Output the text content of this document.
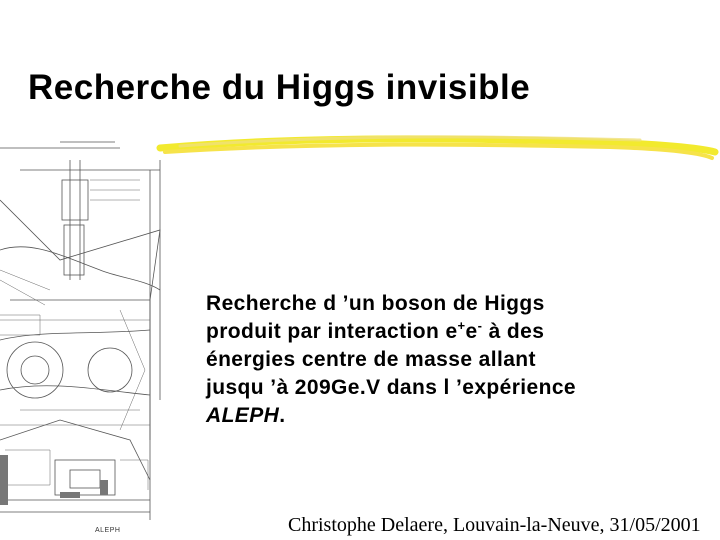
Recherche du Higgs invisible
Recherche d ’un boson de Higgs
produit par interaction e+e- à des
énergies centre de masse allant
jusqu ’à 209Ge.V dans l ’expérience
ALEPH.
ALEPH	Christophe Delaere, Louvain-la-Neuve, 31/05/2001
